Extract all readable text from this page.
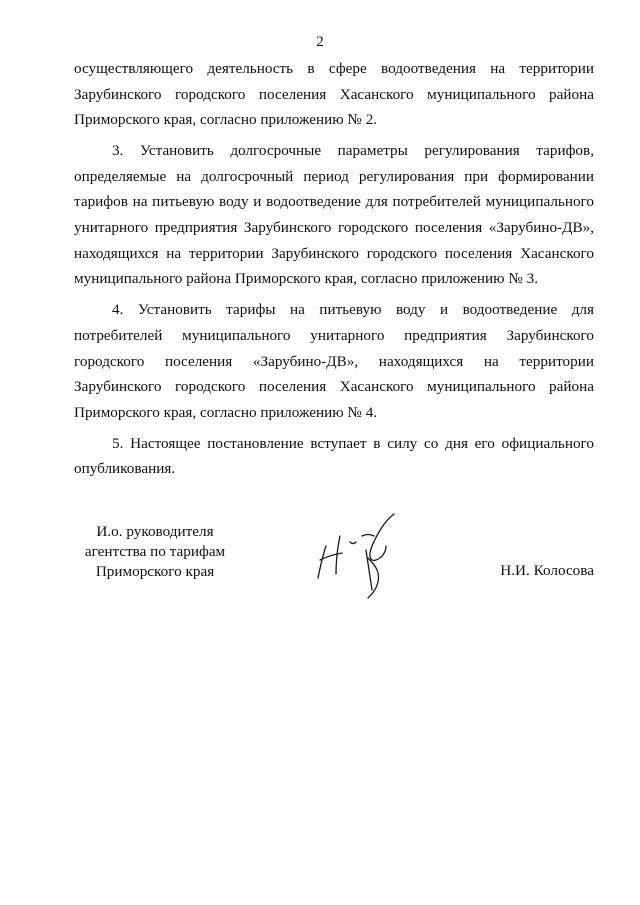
2

осуществляющего деятельность в сфере водоотведения на территории Зарубинского городского поселения Хасанского муниципального района Приморского края, согласно приложению № 2.

3. Установить долгосрочные параметры регулирования тарифов, определяемые на долгосрочный период регулирования при формировании тарифов на питьевую воду и водоотведение для потребителей муниципального унитарного предприятия Зарубинского городского поселения «Зарубино-ДВ», находящихся на территории Зарубинского городского поселения Хасанского муниципального района Приморского края, согласно приложению № 3.

4. Установить тарифы на питьевую воду и водоотведение для потребителей муниципального унитарного предприятия Зарубинского городского поселения «Зарубино-ДВ», находящихся на территории Зарубинского городского поселения Хасанского муниципального района Приморского края, согласно приложению № 4.

5. Настоящее постановление вступает в силу со дня его официального опубликования.

И.о. руководителя
агентства по тарифам
Приморского края	Н.И. Колосова
